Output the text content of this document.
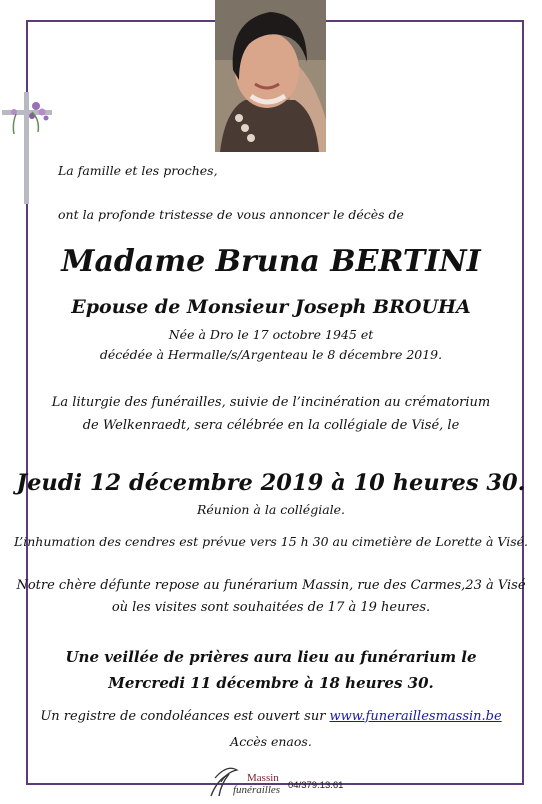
La famille et les proches,
ont la profonde tristesse de vous annoncer le décès de
Madame Bruna BERTINI
Epouse de Monsieur Joseph BROUHA
Née à Dro le 17 octobre 1945 et
décédée à Hermalle/s/Argenteau le 8 décembre 2019.
La liturgie des funérailles, suivie de l’incinération au crématorium
de Welkenraedt, sera célébrée en la collégiale de Visé, le
Jeudi 12 décembre 2019 à 10 heures 30.
Réunion à la collégiale.
L’inhumation des cendres est prévue vers 15 h 30 au cimetière de Lorette à Visé.
Notre chère défunte repose au funérarium Massin, rue des Carmes,23 à Visé
où les visites sont souhaitées de 17 à 19 heures.
Une veillée de prières aura lieu au funérarium le
Mercredi 11 décembre à 18 heures 30.
Un registre de condoléances est ouvert sur www.funeraillesmassin.be
Accès enaos.
Massin
funérailles 04/379.13.61
